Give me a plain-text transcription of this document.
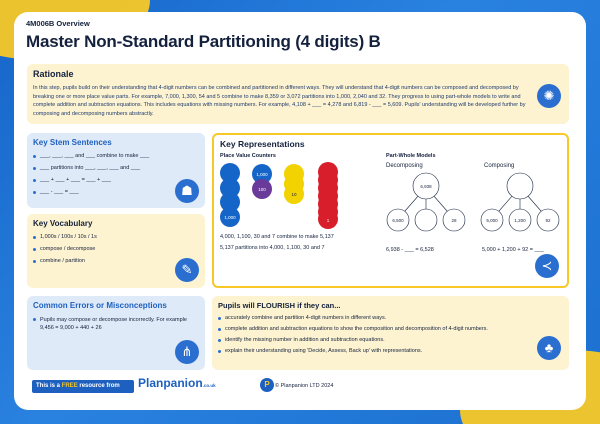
4M006B Overview
Master Non-Standard Partitioning (4 digits) B
Rationale

In this step, pupils build on their understanding that 4-digit numbers can be combined and partitioned in different ways. They will understand that 4-digit numbers can be composed and decomposed by breaking one or more place value parts. For example, 7,000, 1,300, 54 and 5 combine to make 8,359 or 3,072 partitions into 1,000, 2,040 and 32. They progress to using part-whole models to write and complete addition and subtraction equations. This includes equations with missing numbers. For example, 4,108 + ___ = 4,278 and 6,819 - ___ = 5,609. Pupils' understanding will be developed further by composing and decomposing numbers abstractly.

✺
Key Stem Sentences
___, ___, ___ and ___ combine to make ___
___ partitions into ___, ___, ___ and ___
___ + ___ + ___ = ___ + ___
___ - ___ = ___	☗
Key Vocabulary
1,000s / 100s / 10s / 1s
compose / decompose
combine / partition
✎
Common Errors or Misconceptions
Pupils may compose or decompose incorrectly. For example 9,456 = 9,000 + 440 + 26
⋔
Key Representations
Place Value Counters
1,000
1,000
100
10
1
4,000, 1,100, 30 and 7 combine to make 5,137
5,137 partitions into 4,000, 1,100, 30 and 7
Part-Whole Models
Decomposing	Composing
6,938
6,500	28	5,000	1,200	92
6,938 - ___ = 6,528	5,000 + 1,200 + 92 = ___
≺
Pupils will FLOURISH if they can...
accurately combine and partition 4-digit numbers in different ways.
complete addition and subtraction equations to show the composition and decomposition of 4-digit numbers.
identify the missing number in addition and subtraction equations.
explain their understanding using 'Decide, Assess, Back up' with representations.	♣
This is a FREE resource from	Planpanion.co.uk	P © Planpanion LTD 2024
